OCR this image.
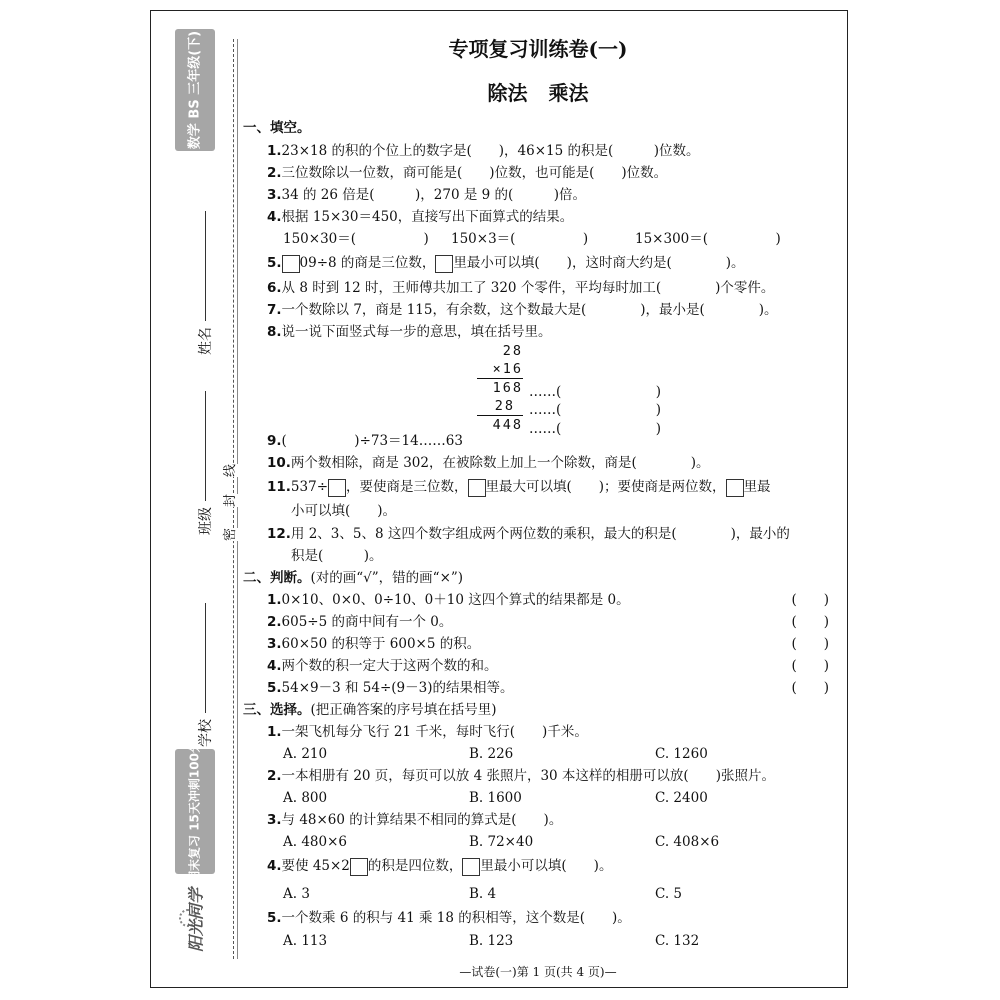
数学 BS 三年级(下)
姓名
班级
学校
线
封
密
期末复习 15天冲刺100分
阳光同学
专项复习训练卷(一)
除法 乘法
一、填空。
1.23×18 的积的个位上的数字是(　　)，46×15 的积是(　　　)位数。
2.三位数除以一位数，商可能是(　　)位数，也可能是(　　)位数。
3.34 的 26 倍是(　　　)，270 是 9 的(　　　)倍。
4.根据 15×30＝450，直接写出下面算式的结果。
150×30＝(　　　　　) 150×3＝(　　　　　)	15×300＝(　　　　　)
5. 09÷8 的商是三位数， 里最小可以填(　　)，这时商大约是(　　　　)。
6.从 8 时到 12 时，王师傅共加工了 320 个零件，平均每时加工(　　　　)个零件。
7.一个数除以 7，商是 115，有余数，这个数最大是(　　　　)，最小是(　　　　)。
8.说一说下面竖式每一步的意思，填在括号里。
28
×16
168 ……(　　　　　　　)
28 ……(　　　　　　　)
448 ……(　　　　　　　)
9.(　　　　　)÷73＝14……63
10.两个数相除，商是 302，在被除数上加上一个除数，商是(　　　　)。
11.537÷ ，要使商是三位数， 里最大可以填(　　)；要使商是两位数， 里最
小可以填(　　)。
12.用 2、3、5、8 这四个数字组成两个两位数的乘积，最大的积是(　　　　)，最小的
积是(　　　)。
二、判断。(对的画“√”，错的画“×”)
1.0×10、0×0、0÷10、0＋10 这四个算式的结果都是 0。	(　　)
2.605÷5 的商中间有一个 0。	(　　)
3.60×50 的积等于 600×5 的积。	(　　)
4.两个数的积一定大于这两个数的和。	(　　)
5.54×9－3 和 54÷(9－3)的结果相等。	(　　)
三、选择。(把正确答案的序号填在括号里)
1.一架飞机每分飞行 21 千米，每时飞行(　　)千米。
A. 210	B. 226	C. 1260
2.一本相册有 20 页，每页可以放 4 张照片，30 本这样的相册可以放(　　)张照片。
A. 800	B. 1600	C. 2400
3.与 48×60 的计算结果不相同的算式是(　　)。
A. 480×6	B. 72×40	C. 408×6
4.要使 45×2 的积是四位数， 里最小可以填(　　)。
A. 3	B. 4	C. 5
5.一个数乘 6 的积与 41 乘 18 的积相等，这个数是(　　)。
A. 113	B. 123	C. 132
—试卷(一)第 1 页(共 4 页)—
